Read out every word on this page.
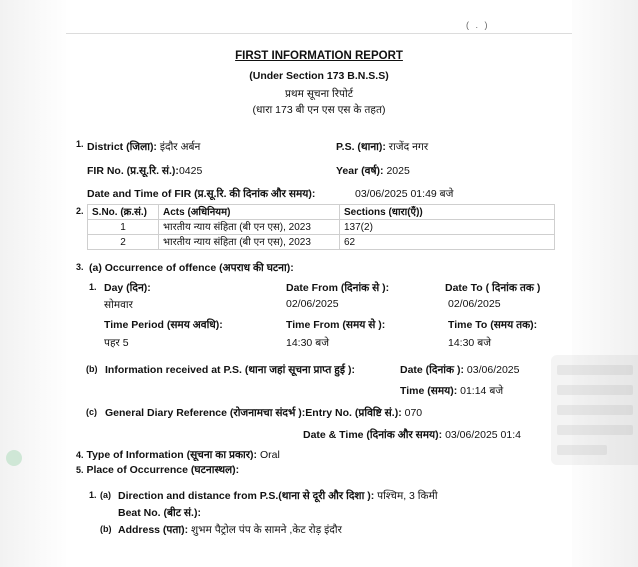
( . )
FIRST INFORMATION REPORT
(Under Section 173 B.N.S.S)
प्रथम सूचना रिपोर्ट
(धारा 173 बी एन एस एस के तहत)
1. District (जिला): इंदौर अर्बन	P.S. (थाना): राजेंद नगर
FIR No. (प्र.सू.रि. सं.):0425	Year (वर्ष): 2025
Date and Time of FIR (प्र.सू.रि. की दिनांक और समय):	03/06/2025 01:49 बजे
2. S.No. (क्र.सं.)	Acts (अधिनियम)	Sections (धारा(एँ))
1	भारतीय न्याय संहिता (बी एन एस), 2023	137(2)
2	भारतीय न्याय संहिता (बी एन एस), 2023	62
3. (a) Occurrence of offence (अपराध की घटना):
1. Day (दिन):	Date From (दिनांक से ):	Date To ( दिनांक तक )
सोमवार	02/06/2025	02/06/2025
Time Period (समय अवधि):	Time From (समय से ):	Time To (समय तक):
पहर 5	14:30 बजे	14:30 बजे
(b) Information received at P.S. (थाना जहां सूचना प्राप्त हुई ):	Date (दिनांक ): 03/06/2025
Time (समय): 01:14 बजे
(c) General Diary Reference (रोजनामचा संदर्भ ):Entry No. (प्रविष्टि सं.): 070
Date & Time (दिनांक और समय): 03/06/2025 01:4
4. Type of Information (सूचना का प्रकार): Oral
5. Place of Occurrence (घटनास्थल):
1. (a) Direction and distance from P.S.(थाना से दूरी और दिशा ): पश्चिम, 3 किमी
Beat No. (बीट सं.):
(b) Address (पता): शुभम पैट्रोल पंप के सामने ,केट रोड़ इंदौर
